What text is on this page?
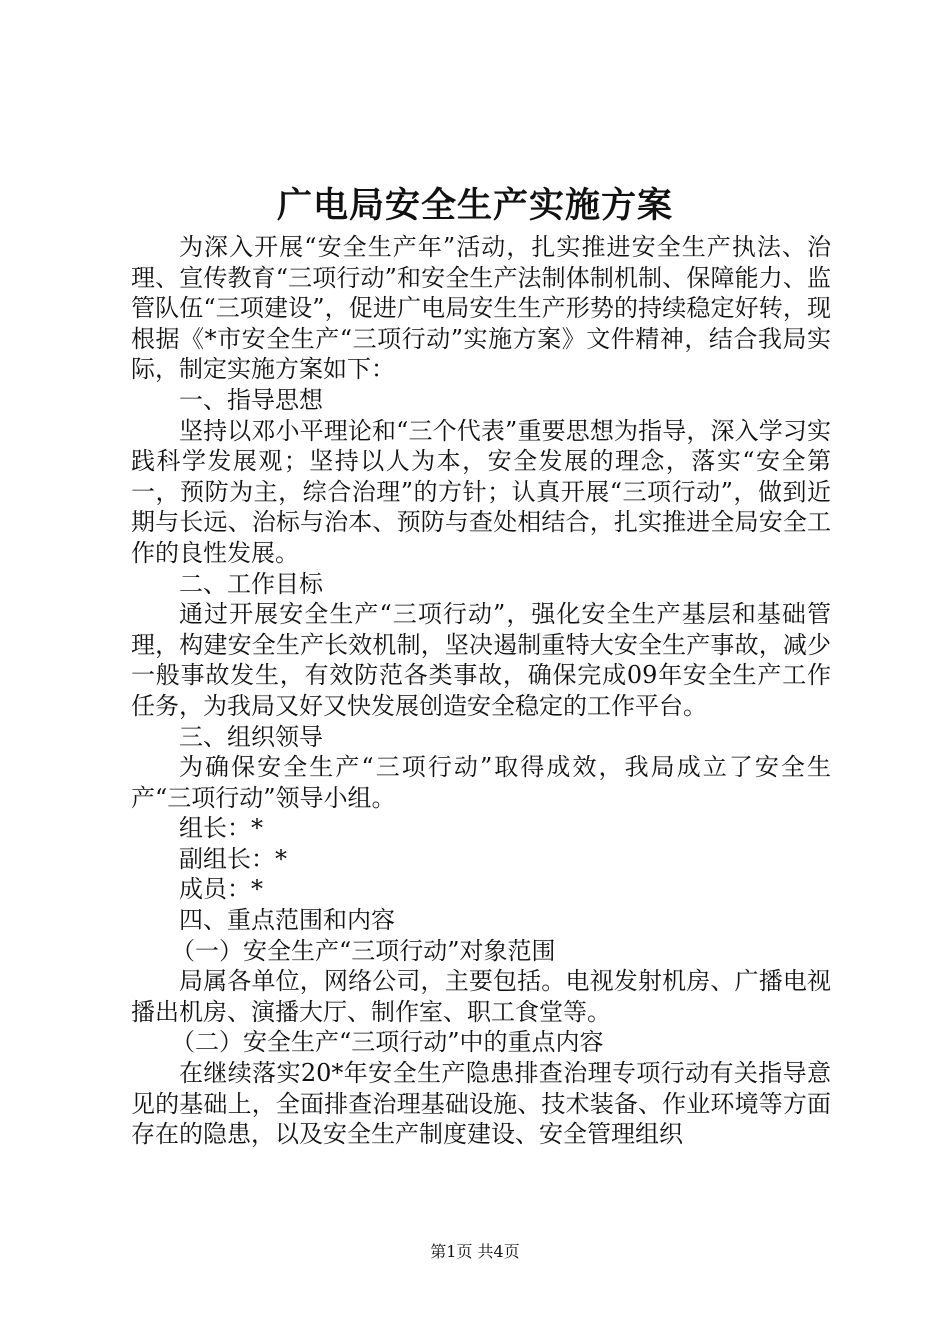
广电局安全生产实施方案

为深入开展“安全生产年”活动，扎实推进安全生产执法、治理、宣传教育“三项行动”和安全生产法制体制机制、保障能力、监管队伍“三项建设”，促进广电局安生生产形势的持续稳定好转，现根据《*市安全生产“三项行动”实施方案》文件精神，结合我局实际，制定实施方案如下：

一、指导思想

坚持以邓小平理论和“三个代表”重要思想为指导，深入学习实践科学发展观；坚持以人为本，安全发展的理念，落实“安全第一，预防为主，综合治理”的方针；认真开展“三项行动”，做到近期与长远、治标与治本、预防与查处相结合，扎实推进全局安全工作的良性发展。

二、工作目标

通过开展安全生产“三项行动”，强化安全生产基层和基础管理，构建安全生产长效机制，坚决遏制重特大安全生产事故，减少一般事故发生，有效防范各类事故，确保完成09年安全生产工作任务，为我局又好又快发展创造安全稳定的工作平台。

三、组织领导

为确保安全生产“三项行动”取得成效，我局成立了安全生产“三项行动”领导小组。

组长：*

副组长：*

成员：*

四、重点范围和内容

（一）安全生产“三项行动”对象范围

局属各单位，网络公司，主要包括。电视发射机房、广播电视播出机房、演播大厅、制作室、职工食堂等。

（二）安全生产“三项行动”中的重点内容

在继续落实20*年安全生产隐患排查治理专项行动有关指导意见的基础上，全面排查治理基础设施、技术装备、作业环境等方面存在的隐患，以及安全生产制度建设、安全管理组织

第1页 共4页
